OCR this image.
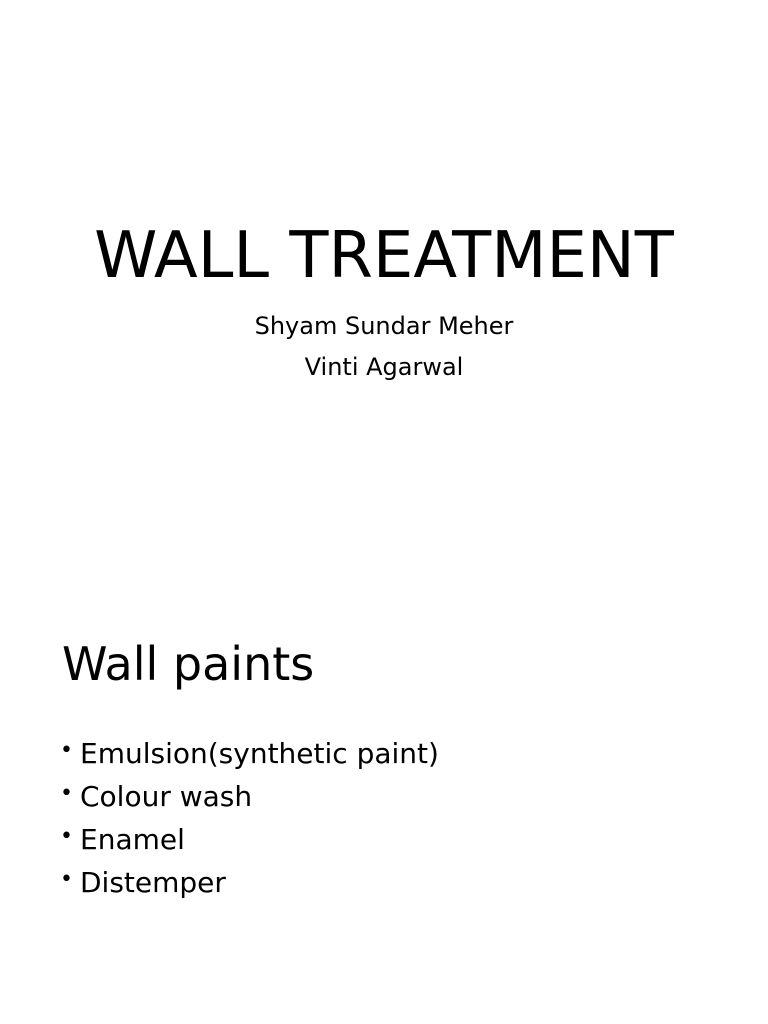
WALL TREATMENT
Shyam Sundar Meher
Vinti Agarwal
Wall paints
• Emulsion(synthetic paint)
• Colour wash
• Enamel
• Distemper
